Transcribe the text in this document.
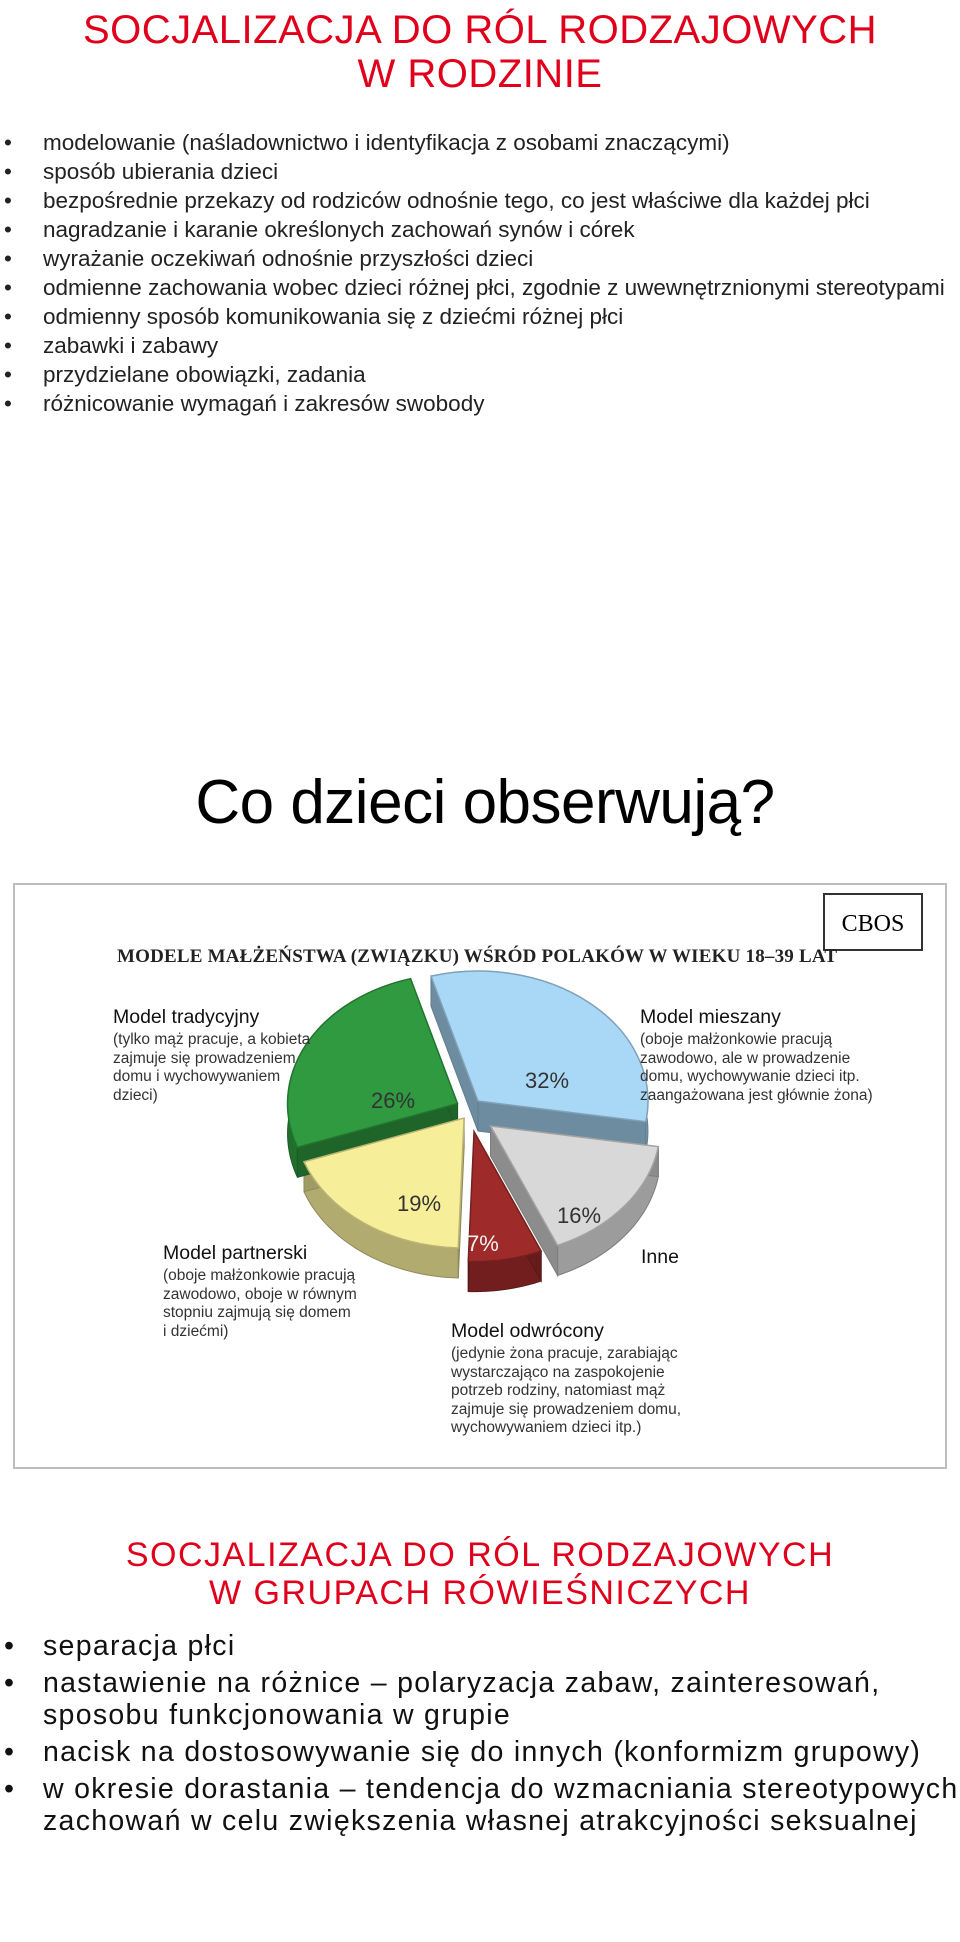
SOCJALIZACJA DO RÓL RODZAJOWYCH
W RODZINIE
• modelowanie (naśladownictwo i identyfikacja z osobami znaczącymi)
• sposób ubierania dzieci
• bezpośrednie przekazy od rodziców odnośnie tego, co jest właściwe dla każdej płci
• nagradzanie i karanie określonych zachowań synów i córek
• wyrażanie oczekiwań odnośnie przyszłości dzieci
• odmienne zachowania wobec dzieci różnej płci, zgodnie z uwewnętrznionymi stereotypami
• odmienny sposób komunikowania się z dziećmi różnej płci
• zabawki i zabawy
• przydzielane obowiązki, zadania
• różnicowanie wymagań i zakresów swobody
Co dzieci obserwują?
CBOS
MODELE MAŁŻEŃSTWA (ZWIĄZKU) WŚRÓD POLAKÓW W WIEKU 18–39 LAT
Model tradycyjny
(tylko mąż pracuje, a kobieta
zajmuje się prowadzeniem
domu i wychowywaniem
dzieci)
Model mieszany
(oboje małżonkowie pracują
zawodowo, ale w prowadzenie
domu, wychowywanie dzieci itp.
zaangażowana jest głównie żona)
Model partnerski
(oboje małżonkowie pracują
zawodowo, oboje w równym
stopniu zajmują się domem
i dziećmi)	Model odwrócony
(jedynie żona pracuje, zarabiając
wystarczająco na zaspokojenie
potrzeb rodziny, natomiast mąż
zajmuje się prowadzeniem domu,
wychowywaniem dzieci itp.)
Inne
32%
16%
7%
19%
26%
SOCJALIZACJA DO RÓL RODZAJOWYCH
W GRUPACH RÓWIEŚNICZYCH
• separacja płci
• nastawienie na różnice – polaryzacja zabaw, zainteresowań, sposobu funkcjonowania w grupie
• nacisk na dostosowywanie się do innych (konformizm grupowy)
• w okresie dorastania – tendencja do wzmacniania stereotypowych zachowań w celu zwiększenia własnej atrakcyjności seksualnej
